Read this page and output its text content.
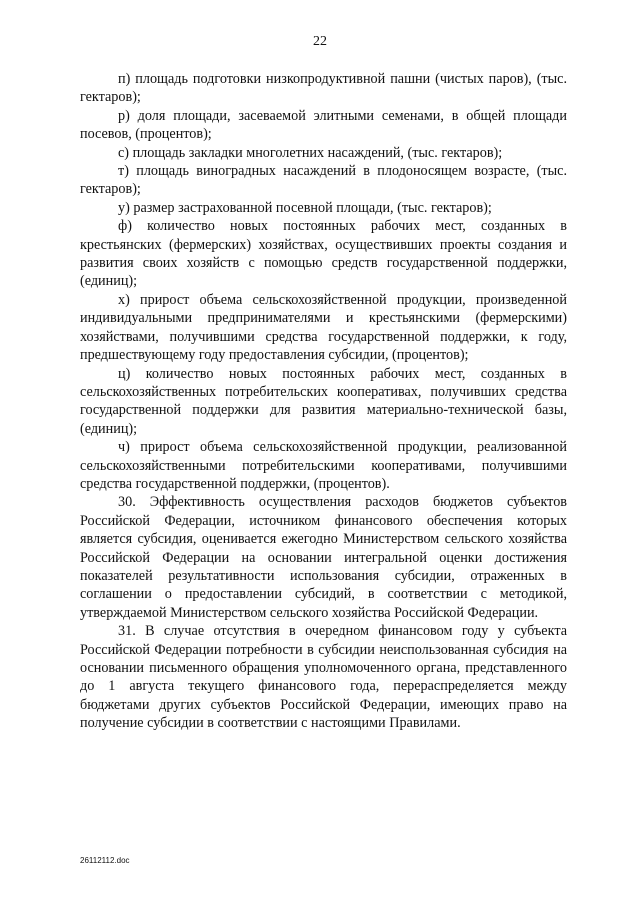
22

п) площадь подготовки низкопродуктивной пашни (чистых паров), (тыс. гектаров);

р) доля площади, засеваемой элитными семенами, в общей площади посевов, (процентов);

с) площадь закладки многолетних насаждений, (тыс. гектаров);

т) площадь виноградных насаждений в плодоносящем возрасте, (тыс. гектаров);

у) размер застрахованной посевной площади, (тыс. гектаров);

ф) количество новых постоянных рабочих мест, созданных в крестьянских (фермерских) хозяйствах, осуществивших проекты создания и развития своих хозяйств с помощью средств государственной поддержки, (единиц);

х) прирост объема сельскохозяйственной продукции, произведенной индивидуальными предпринимателями и крестьянскими (фермерскими) хозяйствами, получившими средства государственной поддержки, к году, предшествующему году предоставления субсидии, (процентов);

ц) количество новых постоянных рабочих мест, созданных в сельскохозяйственных потребительских кооперативах, получивших средства государственной поддержки для развития материально-технической базы, (единиц);

ч) прирост объема сельскохозяйственной продукции, реализованной сельскохозяйственными потребительскими кооперативами, получившими средства государственной поддержки, (процентов).

30. Эффективность осуществления расходов бюджетов субъектов Российской Федерации, источником финансового обеспечения которых является субсидия, оценивается ежегодно Министерством сельского хозяйства Российской Федерации на основании интегральной оценки достижения показателей результативности использования субсидии, отраженных в соглашении о предоставлении субсидий, в соответствии с методикой, утверждаемой Министерством сельского хозяйства Российской Федерации.

31. В случае отсутствия в очередном финансовом году у субъекта Российской Федерации потребности в субсидии неиспользованная субсидия на основании письменного обращения уполномоченного органа, представленного до 1 августа текущего финансового года, перераспределяется между бюджетами других субъектов Российской Федерации, имеющих право на получение субсидии в соответствии с настоящими Правилами.

26112112.doc
